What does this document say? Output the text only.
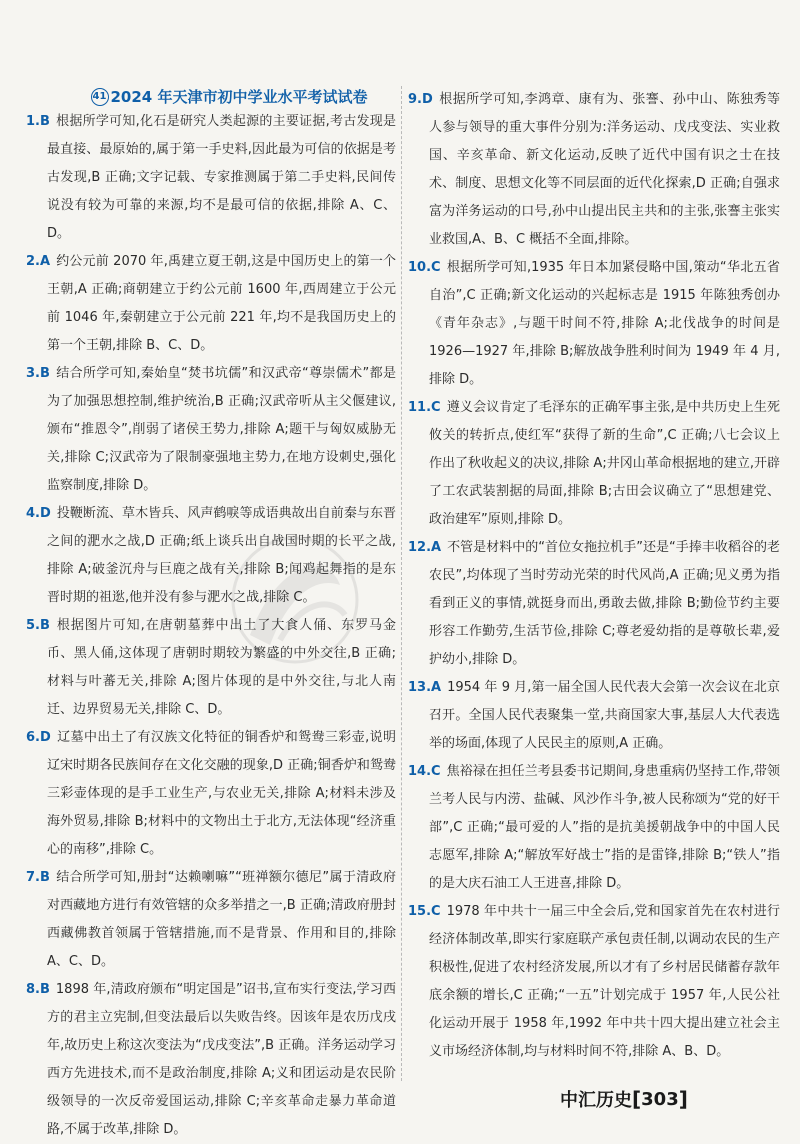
41 2024 年天津市初中学业水平考试试卷

1.B 根据所学可知,化石是研究人类起源的主要证据,考古发现是最直接、最原始的,属于第一手史料,因此最为可信的依据是考古发现,B 正确;文字记载、专家推测属于第二手史料,民间传说没有较为可靠的来源,均不是最可信的依据,排除 A、C、D。

2.A 约公元前 2070 年,禹建立夏王朝,这是中国历史上的第一个王朝,A 正确;商朝建立于约公元前 1600 年,西周建立于公元前 1046 年,秦朝建立于公元前 221 年,均不是我国历史上的第一个王朝,排除 B、C、D。

3.B 结合所学可知,秦始皇“焚书坑儒”和汉武帝“尊崇儒术”都是为了加强思想控制,维护统治,B 正确;汉武帝听从主父偃建议,颁布“推恩令”,削弱了诸侯王势力,排除 A;题干与匈奴威胁无关,排除 C;汉武帝为了限制豪强地主势力,在地方设刺史,强化监察制度,排除 D。

4.D 投鞭断流、草木皆兵、风声鹤唳等成语典故出自前秦与东晋之间的淝水之战,D 正确;纸上谈兵出自战国时期的长平之战,排除 A;破釜沉舟与巨鹿之战有关,排除 B;闻鸡起舞指的是东晋时期的祖逖,他并没有参与淝水之战,排除 C。

5.B 根据图片可知,在唐朝墓葬中出土了大食人俑、东罗马金币、黑人俑,这体现了唐朝时期较为繁盛的中外交往,B 正确;材料与叶蕃无关,排除 A;图片体现的是中外交往,与北人南迁、边界贸易无关,排除 C、D。

6.D 辽墓中出土了有汉族文化特征的铜香炉和鸳鸯三彩壶,说明辽宋时期各民族间存在文化交融的现象,D 正确;铜香炉和鸳鸯三彩壶体现的是手工业生产,与农业无关,排除 A;材料未涉及海外贸易,排除 B;材料中的文物出土于北方,无法体现“经济重心的南移”,排除 C。

7.B 结合所学可知,册封“达赖喇嘛”“班禅额尔德尼”属于清政府对西藏地方进行有效管辖的众多举措之一,B 正确;清政府册封西藏佛教首领属于管辖措施,而不是背景、作用和目的,排除 A、C、D。

8.B 1898 年,清政府颁布“明定国是”诏书,宣布实行变法,学习西方的君主立宪制,但变法最后以失败告终。因该年是农历戊戌年,故历史上称这次变法为“戊戌变法”,B 正确。洋务运动学习西方先进技术,而不是政治制度,排除 A;义和团运动是农民阶级领导的一次反帝爱国运动,排除 C;辛亥革命走暴力革命道路,不属于改革,排除 D。

9.D 根据所学可知,李鸿章、康有为、张謇、孙中山、陈独秀等人参与领导的重大事件分别为:洋务运动、戊戌变法、实业救国、辛亥革命、新文化运动,反映了近代中国有识之士在技术、制度、思想文化等不同层面的近代化探索,D 正确;自强求富为洋务运动的口号,孙中山提出民主共和的主张,张謇主张实业救国,A、B、C 概括不全面,排除。

10.C 根据所学可知,1935 年日本加紧侵略中国,策动“华北五省自治”,C 正确;新文化运动的兴起标志是 1915 年陈独秀创办《青年杂志》,与题干时间不符,排除 A;北伐战争的时间是 1926—1927 年,排除 B;解放战争胜利时间为 1949 年 4 月,排除 D。

11.C 遵义会议肯定了毛泽东的正确军事主张,是中共历史上生死攸关的转折点,使红军“获得了新的生命”,C 正确;八七会议上作出了秋收起义的决议,排除 A;井冈山革命根据地的建立,开辟了工农武装割据的局面,排除 B;古田会议确立了“思想建党、政治建军”原则,排除 D。

12.A 不管是材料中的“首位女拖拉机手”还是“手捧丰收稻谷的老农民”,均体现了当时劳动光荣的时代风尚,A 正确;见义勇为指看到正义的事情,就挺身而出,勇敢去做,排除 B;勤俭节约主要形容工作勤劳,生活节俭,排除 C;尊老爱幼指的是尊敬长辈,爱护幼小,排除 D。

13.A 1954 年 9 月,第一届全国人民代表大会第一次会议在北京召开。全国人民代表聚集一堂,共商国家大事,基层人大代表选举的场面,体现了人民民主的原则,A 正确。

14.C 焦裕禄在担任兰考县委书记期间,身患重病仍坚持工作,带领兰考人民与内涝、盐碱、风沙作斗争,被人民称颂为“党的好干部”,C 正确;“最可爱的人”指的是抗美援朝战争中的中国人民志愿军,排除 A;“解放军好战士”指的是雷锋,排除 B;“铁人”指的是大庆石油工人王进喜,排除 D。

15.C 1978 年中共十一届三中全会后,党和国家首先在农村进行经济体制改革,即实行家庭联产承包责任制,以调动农民的生产积极性,促进了农村经济发展,所以才有了乡村居民储蓄存款年底余额的增长,C 正确;“一五”计划完成于 1957 年,人民公社化运动开展于 1958 年,1992 年中共十四大提出建立社会主义市场经济体制,均与材料时间不符,排除 A、B、D。

中汇历史 [ 303 ]
